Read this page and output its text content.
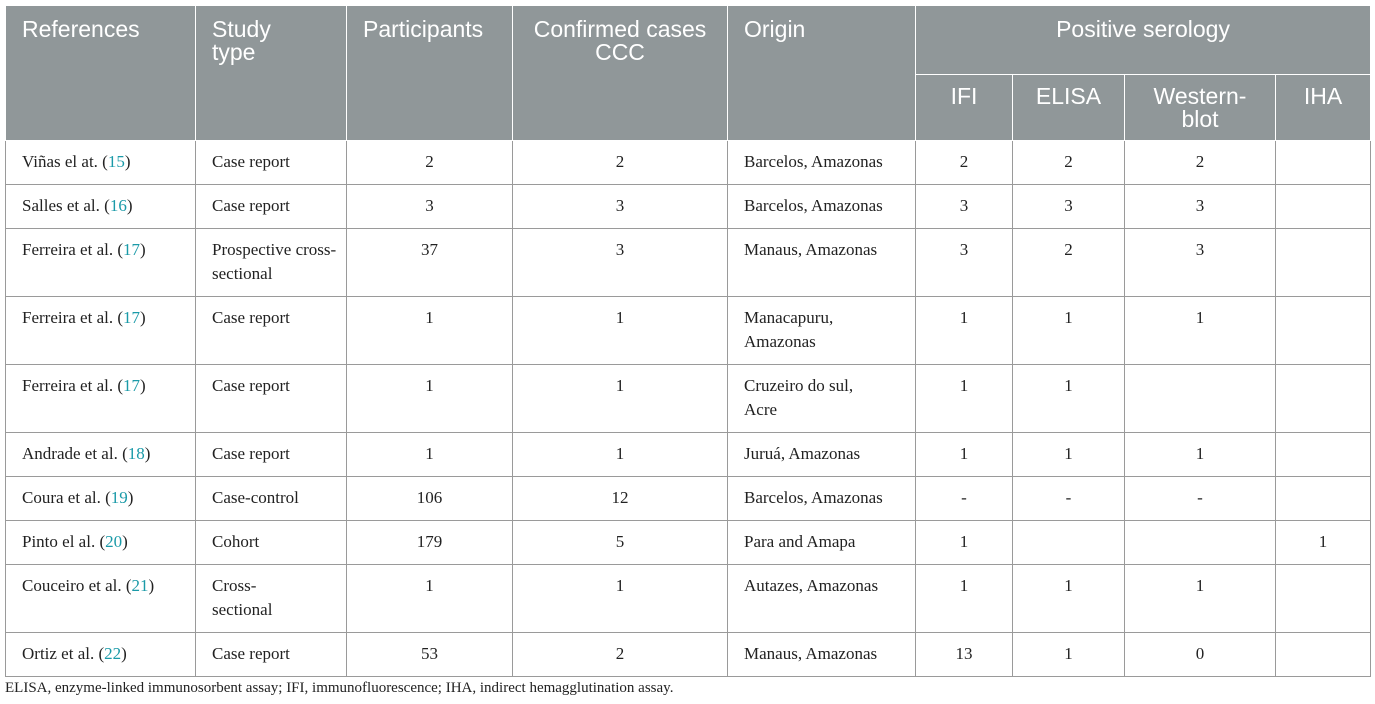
References	Study type	Participants	Confirmed cases CCC	Origin	Positive serology			
					IFI	ELISA	Western-blot	IHA
Viñas el at. (15)	Case report	2	2	Barcelos, Amazonas	2	2	2	
Salles et al. (16)	Case report	3	3	Barcelos, Amazonas	3	3	3	
Ferreira et al. (17)	Prospective cross-sectional	37	3	Manaus, Amazonas	3	2	3	
Ferreira et al. (17)	Case report	1	1	Manacapuru, Amazonas	1	1	1	
Ferreira et al. (17)	Case report	1	1	Cruzeiro do sul, Acre	1	1		
Andrade et al. (18)	Case report	1	1	Juruá, Amazonas	1	1	1	
Coura et al. (19)	Case-control	106	12	Barcelos, Amazonas	-	-	-	
Pinto el al. (20)	Cohort	179	5	Para and Amapa	1			1
Couceiro et al. (21)	Cross-sectional	1	1	Autazes, Amazonas	1	1	1	
Ortiz et al. (22)	Case report	53	2	Manaus, Amazonas	13	1	0	
ELISA, enzyme-linked immunosorbent assay; IFI, immunofluorescence; IHA, indirect hemagglutination assay.
